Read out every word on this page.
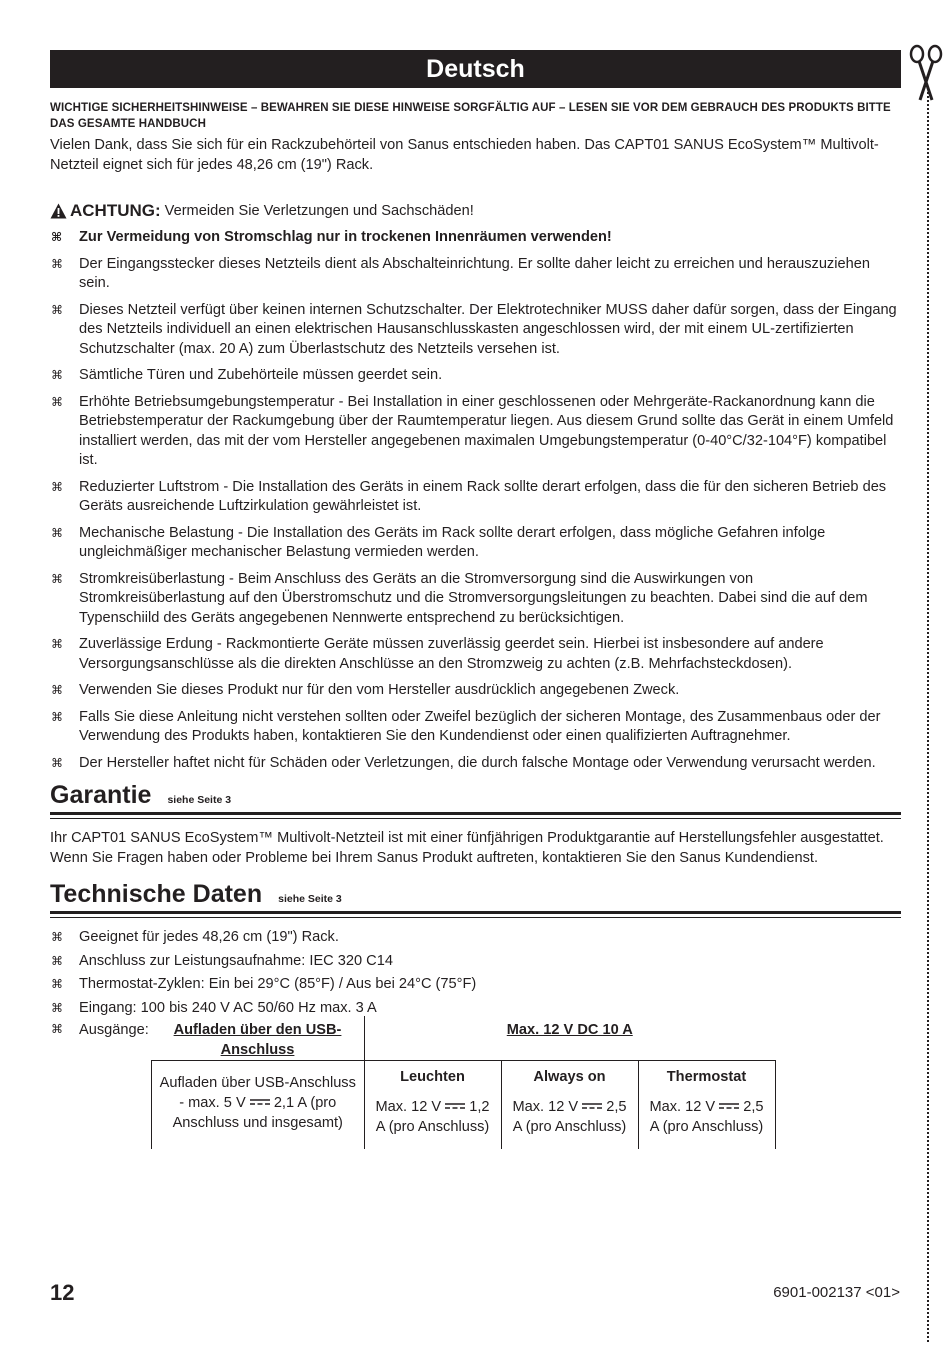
Deutsch
WICHTIGE SICHERHEITSHINWEISE – BEWAHREN SIE DIESE HINWEISE SORGFÄLTIG AUF – LESEN SIE VOR DEM GEBRAUCH DES PRODUKTS BITTE DAS GESAMTE HANDBUCH

Vielen Dank, dass Sie sich für ein Rackzubehörteil von Sanus entschieden haben. Das CAPT01 SANUS EcoSystem™ Multivolt-Netzteil eignet sich für jedes 48,26 cm (19") Rack.

ACHTUNG: Vermeiden Sie Verletzungen und Sachschäden!
⌘ Zur Vermeidung von Stromschlag nur in trockenen Innenräumen verwenden!
⌘ Der Eingangsstecker dieses Netzteils dient als Abschalteinrichtung. Er sollte daher leicht zu erreichen und herauszuziehen sein.
⌘ Dieses Netzteil verfügt über keinen internen Schutzschalter. Der Elektrotechniker MUSS daher dafür sorgen, dass der Eingang des Netzteils individuell an einen elektrischen Hausanschlusskasten angeschlossen wird, der mit einem UL-zertifizierten Schutzschalter (max. 20 A) zum Überlastschutz des Netzteils versehen ist.
⌘ Sämtliche Türen und Zubehörteile müssen geerdet sein.
⌘ Erhöhte Betriebsumgebungstemperatur - Bei Installation in einer geschlossenen oder Mehrgeräte-Rackanordnung kann die Betriebstemperatur der Rackumgebung über der Raumtemperatur liegen. Aus diesem Grund sollte das Gerät in einem Umfeld installiert werden, das mit der vom Hersteller angegebenen maximalen Umgebungstemperatur (0-40°C/32-104°F) kompatibel ist.
⌘ Reduzierter Luftstrom - Die Installation des Geräts in einem Rack sollte derart erfolgen, dass die für den sicheren Betrieb des Geräts ausreichende Luftzirkulation gewährleistet ist.
⌘ Mechanische Belastung - Die Installation des Geräts im Rack sollte derart erfolgen, dass mögliche Gefahren infolge ungleichmäßiger mechanischer Belastung vermieden werden.
⌘ Stromkreisüberlastung - Beim Anschluss des Geräts an die Stromversorgung sind die Auswirkungen von Stromkreisüberlastung auf den Überstromschutz und die Stromversorgungsleitungen zu beachten. Dabei sind die auf dem Typenschiild des Geräts angegebenen Nennwerte entsprechend zu berücksichtigen.
⌘ Zuverlässige Erdung - Rackmontierte Geräte müssen zuverlässig geerdet sein. Hierbei ist insbesondere auf andere Versorgungsanschlüsse als die direkten Anschlüsse an den Stromzweig zu achten (z.B. Mehrfachsteckdosen).
⌘ Verwenden Sie dieses Produkt nur für den vom Hersteller ausdrücklich angegebenen Zweck.
⌘ Falls Sie diese Anleitung nicht verstehen sollten oder Zweifel bezüglich der sicheren Montage, des Zusammenbaus oder der Verwendung des Produkts haben, kontaktieren Sie den Kundendienst oder einen qualifizierten Auftragnehmer.
⌘ Der Hersteller haftet nicht für Schäden oder Verletzungen, die durch falsche Montage oder Verwendung verursacht werden.
Garantie siehe Seite 3

Ihr CAPT01 SANUS EcoSystem™ Multivolt-Netzteil ist mit einer fünfjährigen Produktgarantie auf Herstellungsfehler ausgestattet. Wenn Sie Fragen haben oder Probleme bei Ihrem Sanus Produkt auftreten, kontaktieren Sie den Sanus Kundendienst.

Technische Daten siehe Seite 3
⌘ Geeignet für jedes 48,26 cm (19") Rack.
⌘ Anschluss zur Leistungsaufnahme: IEC 320 C14
⌘ Thermostat-Zyklen: Ein bei 29°C (85°F) / Aus bei 24°C (75°F)
⌘ Eingang: 100 bis 240 V AC 50/60 Hz max. 3 A
⌘ Ausgänge: Aufladen über den USB-Anschluss	Max. 12 V DC 10 A		
Aufladen über USB-Anschluss - max. 5 V 2,1 A (pro Anschluss und insgesamt)	Leuchten	Always on	Thermostat
	Max. 12 V 1,2 A (pro Anschluss)	Max. 12 V 2,5 A (pro Anschluss)	Max. 12 V 2,5 A (pro Anschluss)
12	6901-002137 <01>
